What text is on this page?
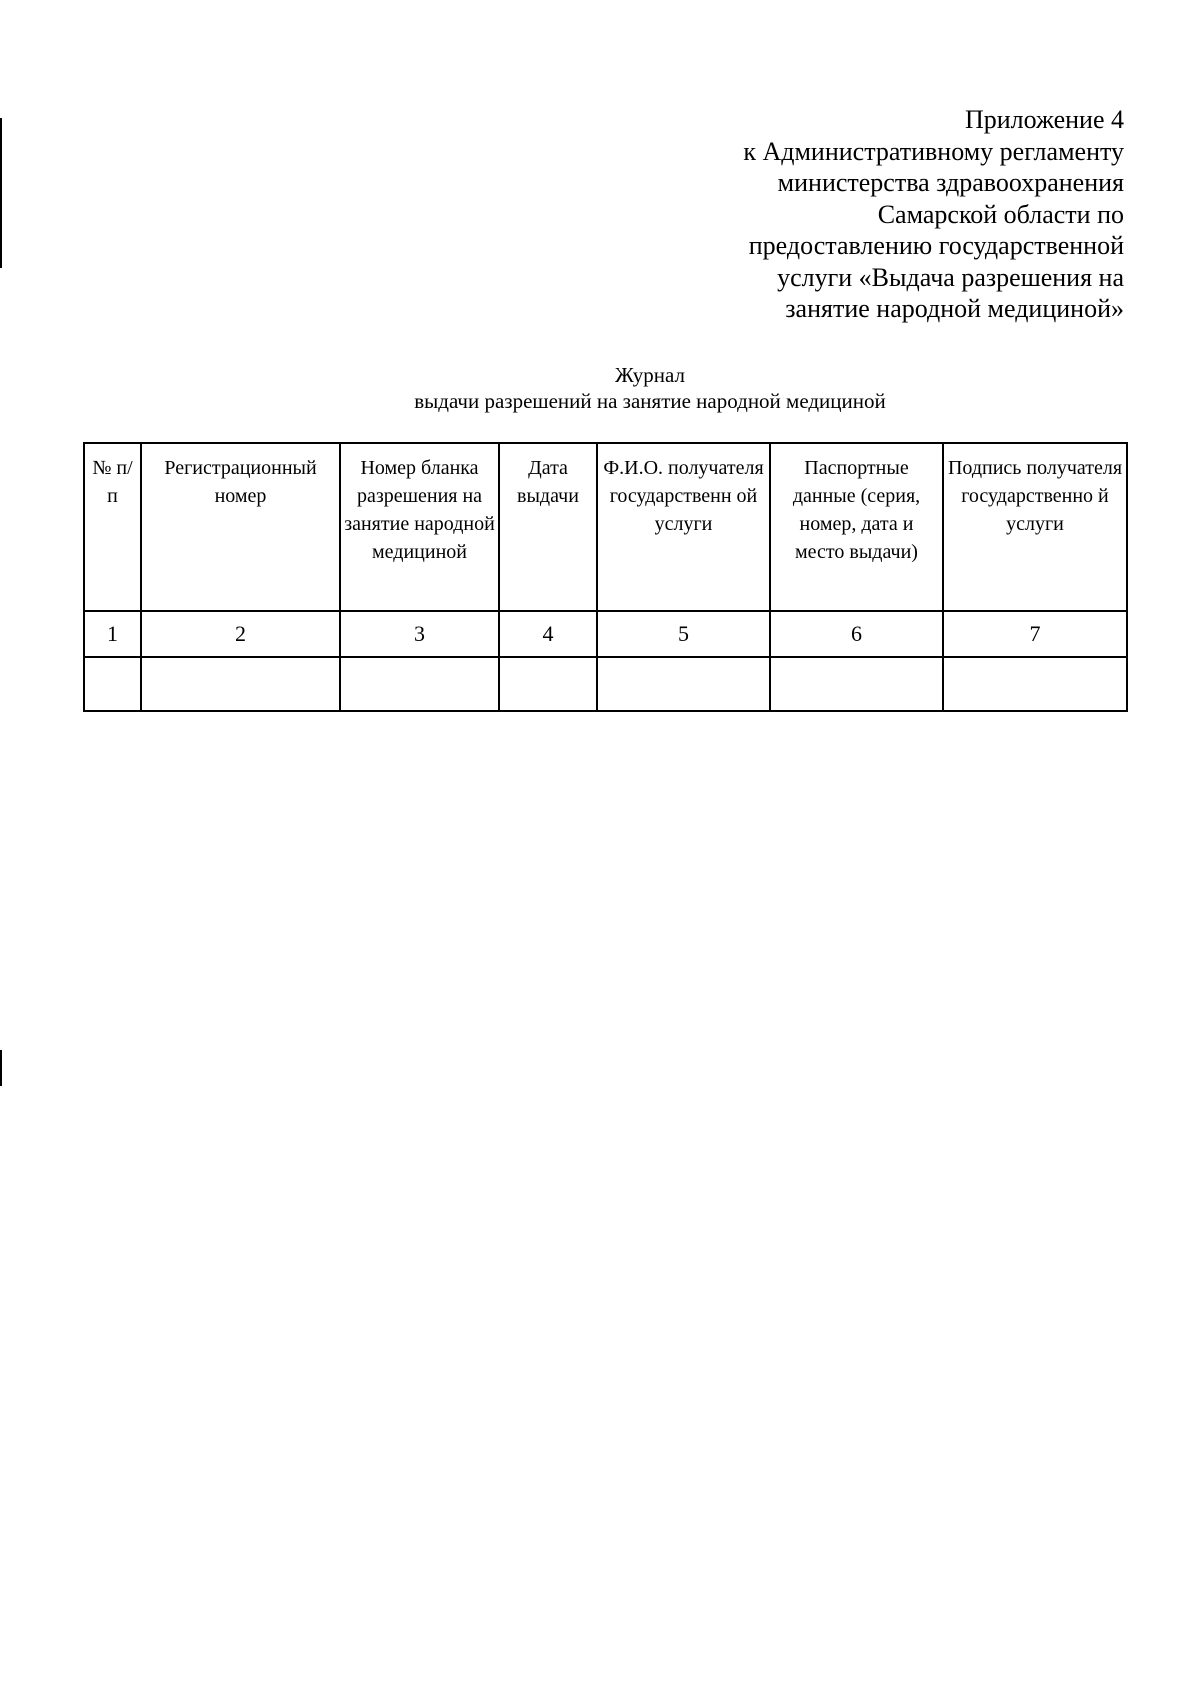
Приложение 4
к Административному регламенту
министерства здравоохранения
Самарской области по
предоставлению государственной
услуги «Выдача разрешения на
занятие народной медициной»
Журнал
выдачи разрешений на занятие народной медициной
№ п/п	Регистрационный номер	Номер бланка разрешения на занятие народной медициной	Дата выдачи	Ф.И.О. получателя государственн ой услуги	Паспортные данные (серия, номер, дата и место выдачи)	Подпись получателя государственно й услуги
1	2	3	4	5	6	7
